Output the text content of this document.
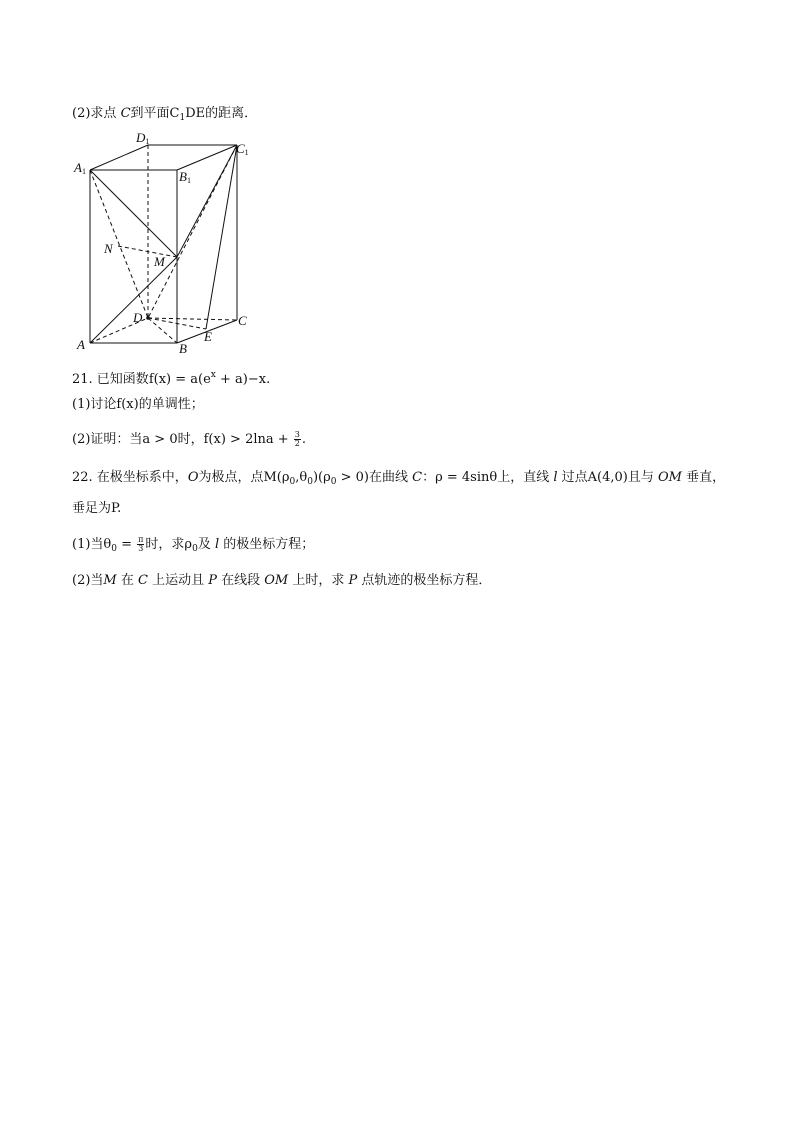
(2)求点 C到平面$C_1DE$的距离．
A1
D1	C1
B1
N
M
D
A	B
E
C
21. 已知函数$f(x) = a(e^x + a)-x$.
(1)讨论f(x)的单调性；
(2)证明：当a > 0时，$f(x) > 2\ln a + \frac{3}{2}$ .
22. 在极坐标系中，O为极点，点$M(\rho_0,\theta_0)(\rho_0 > 0)$在曲线 C：ρ = 4sinθ上，直线 l 过点A(4,0)且与 OM 垂直，
垂足为P.
(1)当$\theta_0 = \frac{\pi}{3}$ 时，求$\rho_0$及 l 的极坐标方程；
(2)当M 在 C 上运动且 P 在线段 OM 上时，求 P 点轨迹的极坐标方程．
